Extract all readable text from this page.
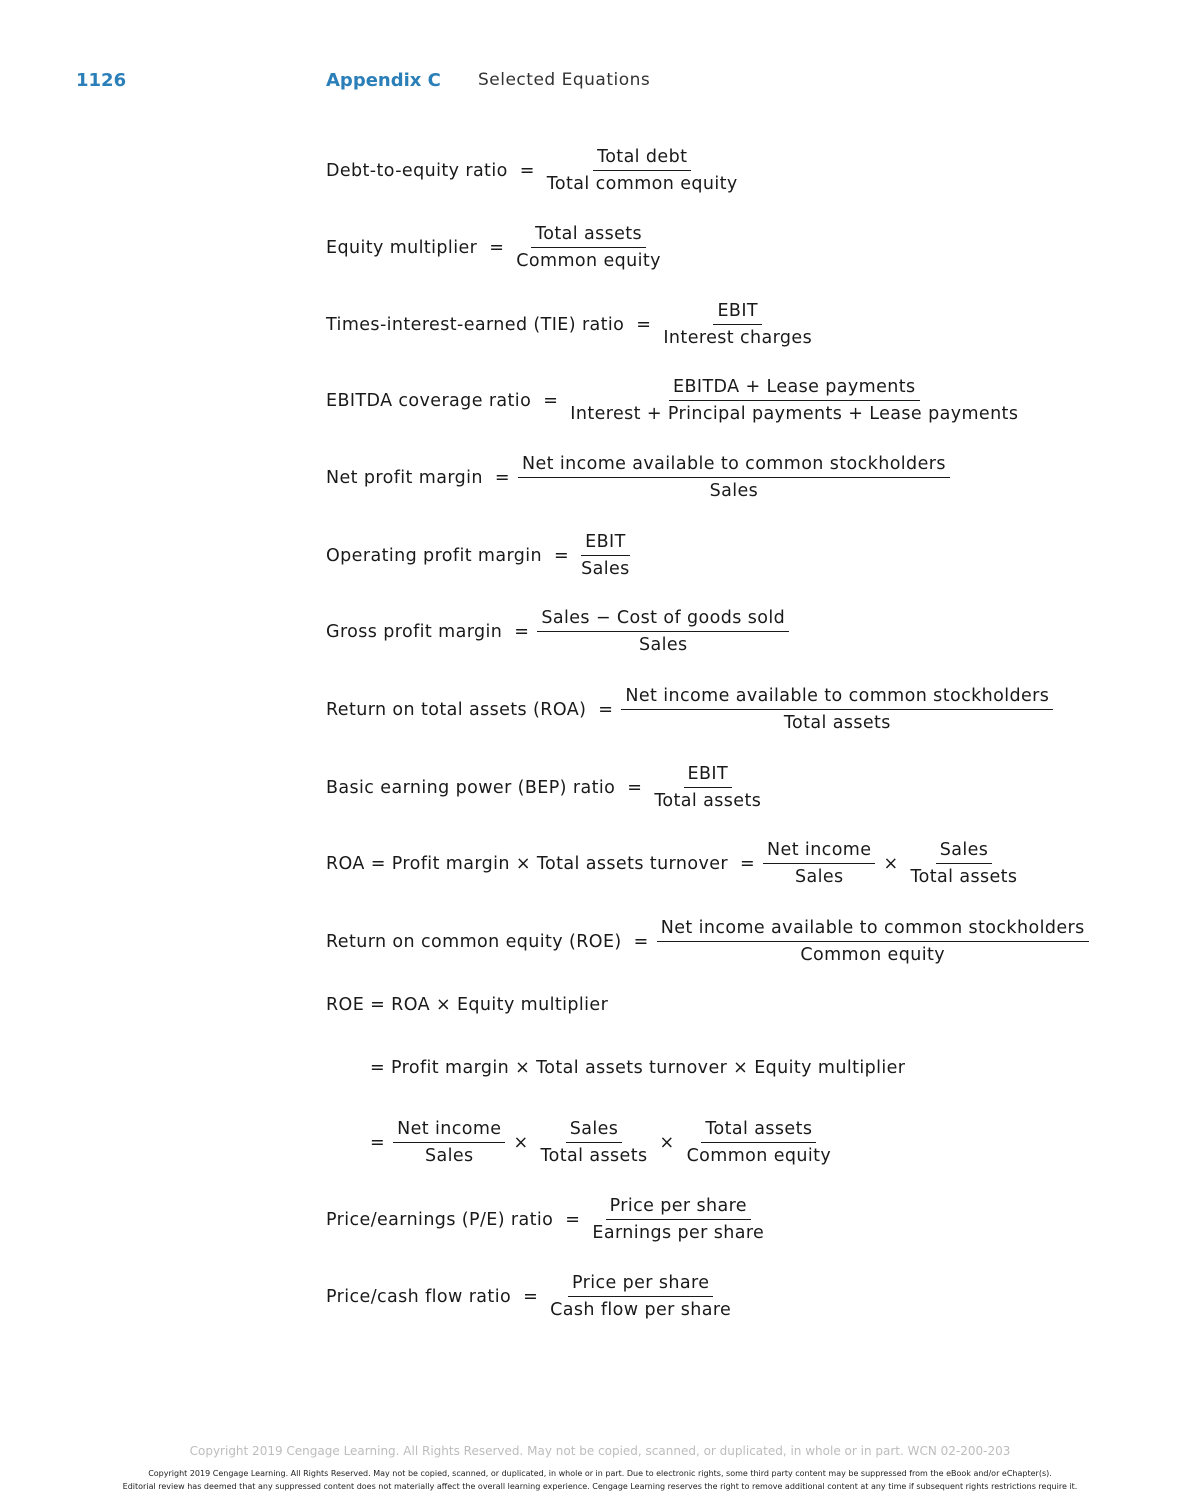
1126	Appendix C Selected Equations
Debt-to-equity ratio = $\frac{\text{Total debt}}{\text{Total common equity}}$
Equity multiplier = $\frac{\text{Total assets}}{\text{Common equity}}$
Times-interest-earned (TIE) ratio = $\frac{\text{EBIT}}{\text{Interest charges}}$
EBITDA coverage ratio = $\frac{\text{EBITDA + Lease payments}}{\text{Interest + Principal payments + Lease payments}}$
Net profit margin = $\frac{\text{Net income available to common stockholders}}{\text{Sales}}$
Operating profit margin = $\frac{\text{EBIT}}{\text{Sales}}$
Gross profit margin = $\frac{\text{Sales − Cost of goods sold}}{\text{Sales}}$
Return on total assets $(ROA) = \frac{\text{Net income available to common stockholders}}{\text{Total assets}}$
Basic earning power (BEP) ratio = $\frac{\text{EBIT}}{\text{Total assets}}$
ROA = Profit margin × Total assets turnover = $\frac{\text{Net income}}{\text{Sales}} \times \frac{\text{Sales}}{\text{Total assets}}$
Return on common equity $(ROE) = \frac{\text{Net income available to common stockholders}}{\text{Common equity}}$
ROE = ROA × Equity multiplier
= Profit margin × Total assets turnover × Equity multiplier
= $\frac{\text{Net income}}{\text{Sales}} \times \frac{\text{Sales}}{\text{Total assets}} \times \frac{\text{Total assets}}{\text{Common equity}}$
Price/earnings (P/E) ratio = $\frac{\text{Price per share}}{\text{Earnings per share}}$
Price/cash flow ratio = $\frac{\text{Price per share}}{\text{Cash flow per share}}$
Copyright 2019 Cengage Learning. All Rights Reserved. May not be copied, scanned, or duplicated, in whole or in part. WCN 02-200-203
Copyright 2019 Cengage Learning. All Rights Reserved. May not be copied, scanned, or duplicated, in whole or in part. Due to electronic rights, some third party content may be suppressed from the eBook and/or eChapter(s).
Editorial review has deemed that any suppressed content does not materially affect the overall learning experience. Cengage Learning reserves the right to remove additional content at any time if subsequent rights restrictions require it.
